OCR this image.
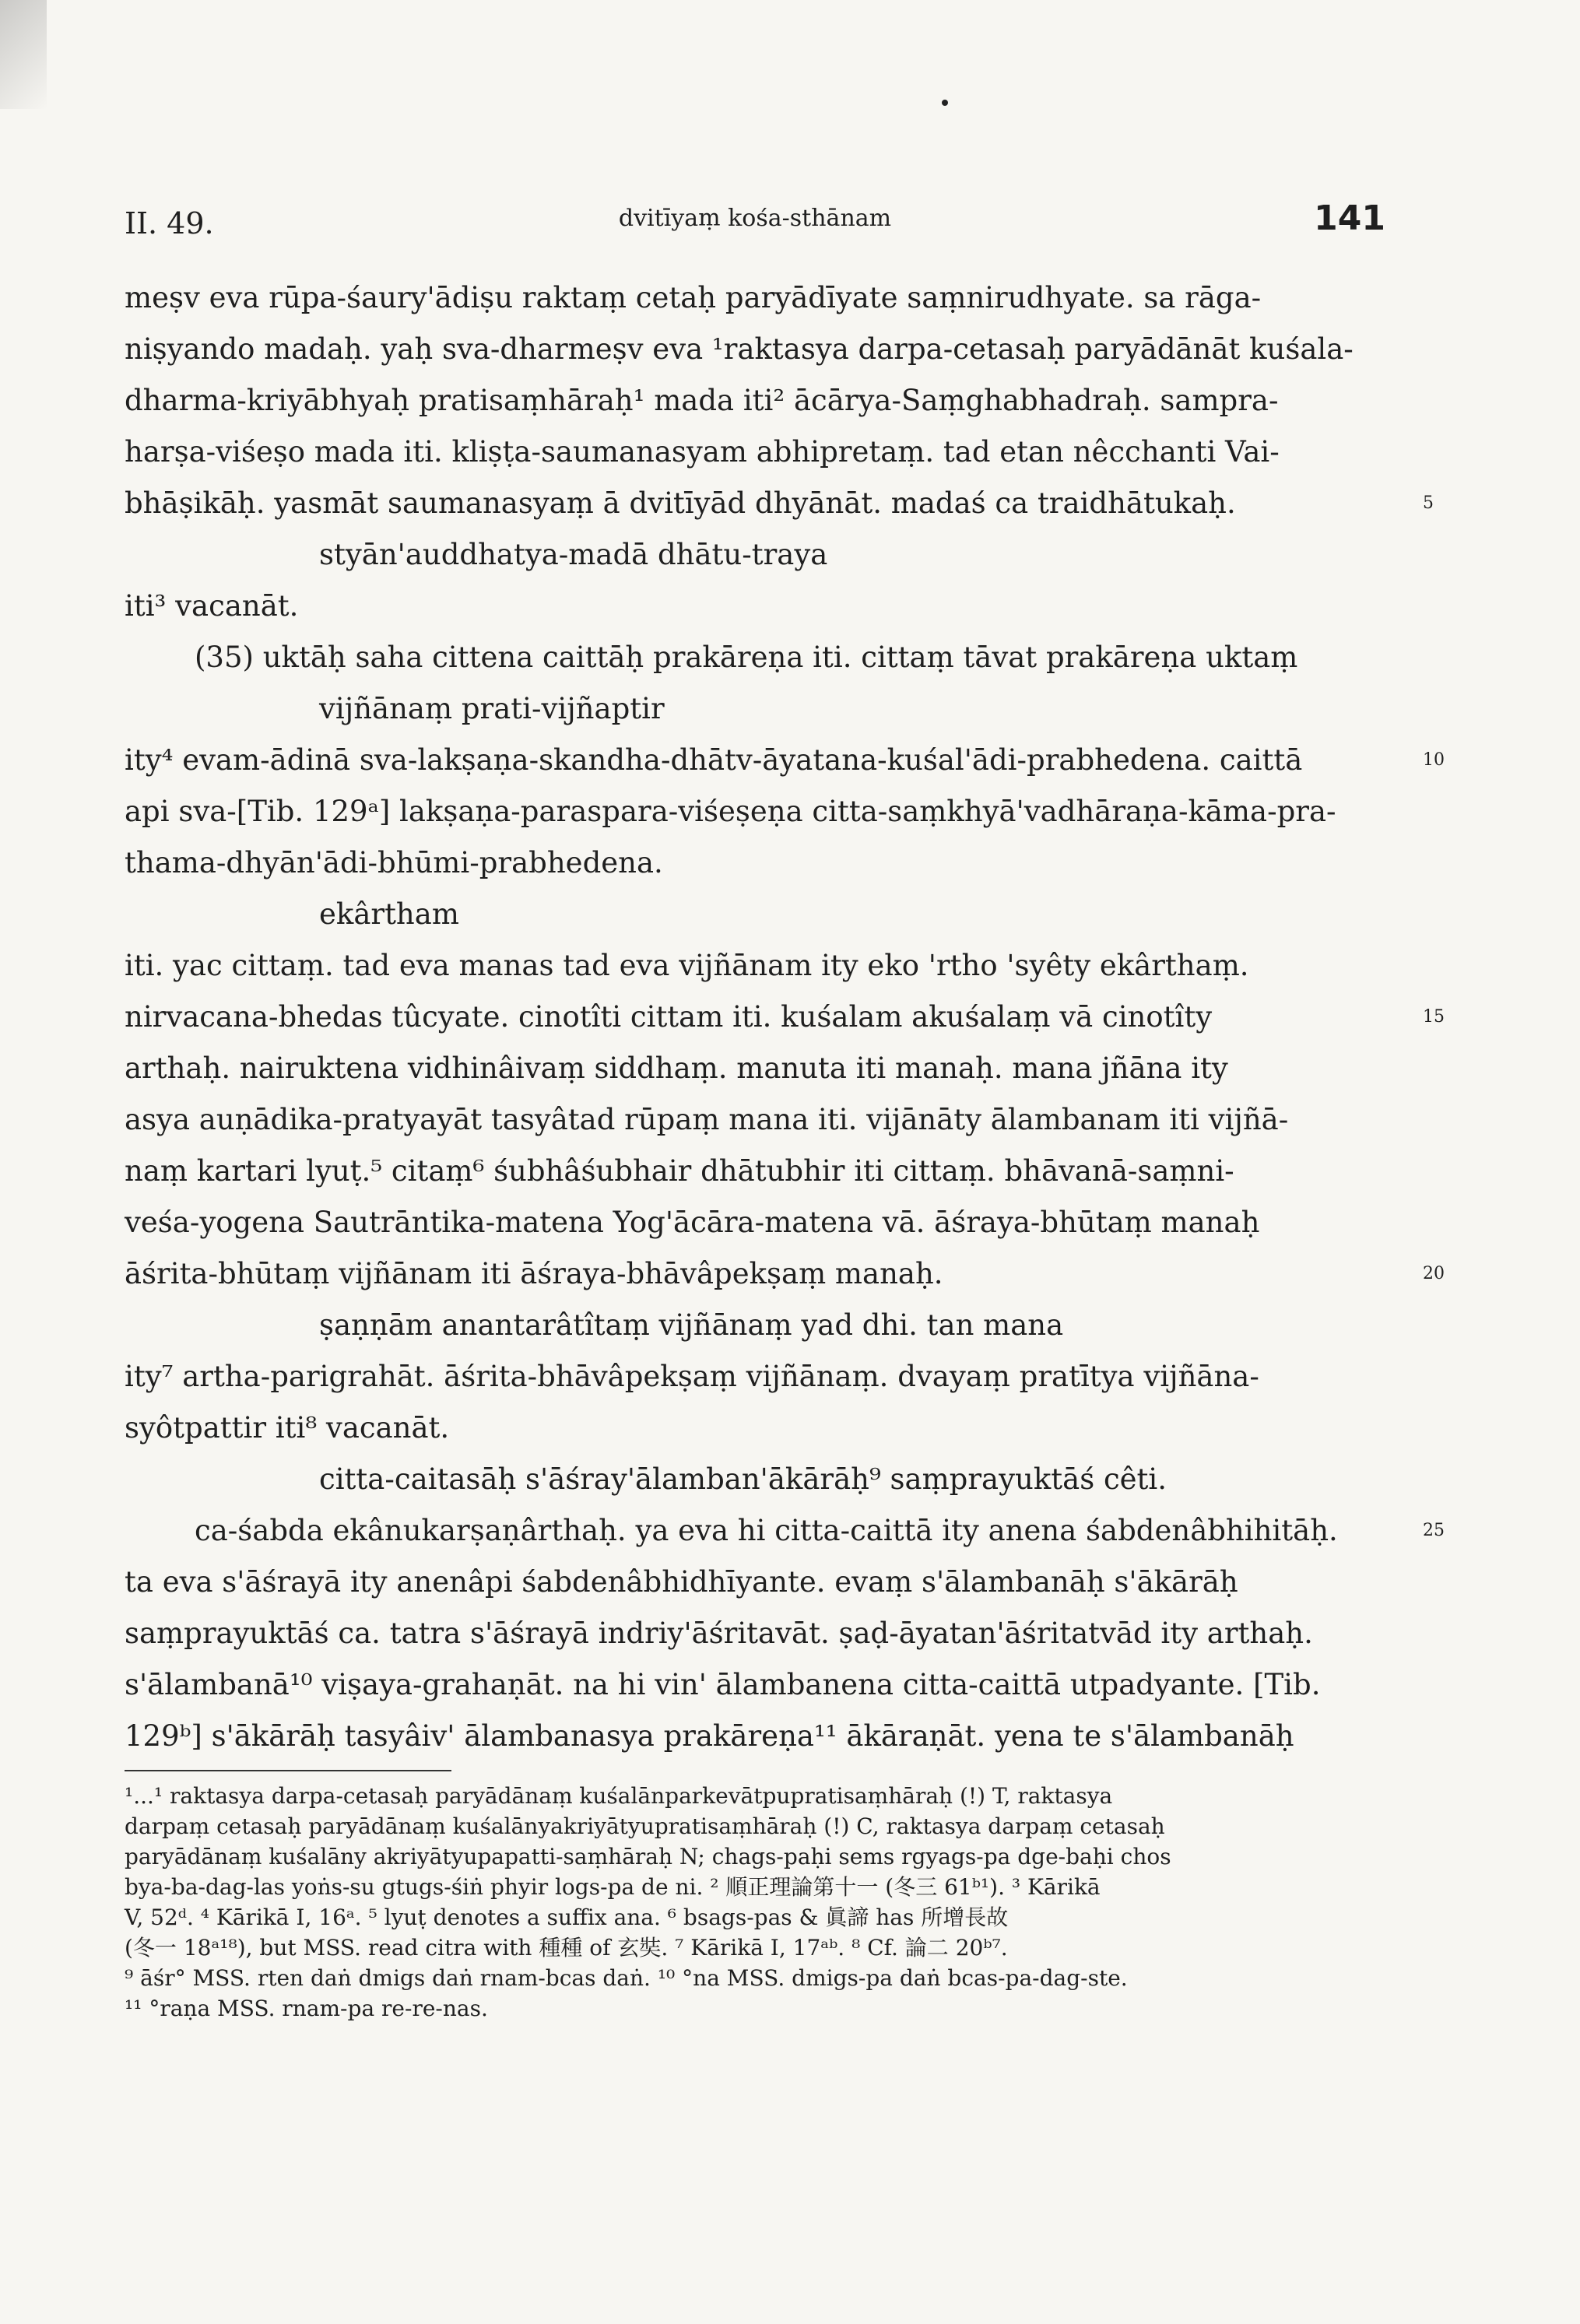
II. 49.	dvitīyaṃ kośa-sthānam	141
meṣv eva rūpa-śaury'ādiṣu raktaṃ cetaḥ paryādīyate saṃnirudhyate. sa rāga-
niṣyando madaḥ. yaḥ sva-dharmeṣv eva ¹raktasya darpa-cetasaḥ paryādānāt kuśala-
dharma-kriyābhyaḥ pratisaṃhāraḥ¹ mada iti² ācārya-Saṃghabhadraḥ. sampra-
harṣa-viśeṣo mada iti. kliṣṭa-saumanasyam abhipretaṃ. tad etan nêcchanti Vai-
bhāṣikāḥ. yasmāt saumanasyaṃ ā dvitīyād dhyānāt. madaś ca traidhātukaḥ.	5
styān'auddhatya-madā dhātu-traya
iti³ vacanāt.
(35) uktāḥ saha cittena caittāḥ prakāreṇa iti. cittaṃ tāvat prakāreṇa uktaṃ
vijñānaṃ prati-vijñaptir
ity⁴ evam-ādinā sva-lakṣaṇa-skandha-dhātv-āyatana-kuśal'ādi-prabhedena. caittā	10
api sva-[Tib. 129ᵃ] lakṣaṇa-paraspara-viśeṣeṇa citta-saṃkhyā'vadhāraṇa-kāma-pra-
thama-dhyān'ādi-bhūmi-prabhedena.
ekârtham
iti. yac cittaṃ. tad eva manas tad eva vijñānam ity eko 'rtho 'syêty ekârthaṃ.
nirvacana-bhedas tûcyate. cinotîti cittam iti. kuśalam akuśalaṃ vā cinotîty	15
arthaḥ. nairuktena vidhinâivaṃ siddhaṃ. manuta iti manaḥ. mana jñāna ity
asya auṇādika-pratyayāt tasyâtad rūpaṃ mana iti. vijānāty ālambanam iti vijñā-
naṃ kartari lyuṭ.⁵ citaṃ⁶ śubhâśubhair dhātubhir iti cittaṃ. bhāvanā-saṃni-
veśa-yogena Sautrāntika-matena Yog'ācāra-matena vā. āśraya-bhūtaṃ manaḥ
āśrita-bhūtaṃ vijñānam iti āśraya-bhāvâpekṣaṃ manaḥ.	20
ṣaṇṇām anantarâtîtaṃ vijñānaṃ yad dhi. tan mana
ity⁷ artha-parigrahāt. āśrita-bhāvâpekṣaṃ vijñānaṃ. dvayaṃ pratītya vijñāna-
syôtpattir iti⁸ vacanāt.
citta-caitasāḥ s'āśray'ālamban'ākārāḥ⁹ saṃprayuktāś cêti.
ca-śabda ekânukarṣaṇârthaḥ. ya eva hi citta-caittā ity anena śabdenâbhihitāḥ.	25
ta eva s'āśrayā ity anenâpi śabdenâbhidhīyante. evaṃ s'ālambanāḥ s'ākārāḥ
saṃprayuktāś ca. tatra s'āśrayā indriy'āśritavāt. ṣaḍ-āyatan'āśritatvād ity arthaḥ.
s'ālambanā¹⁰ viṣaya-grahaṇāt. na hi vin' ālambanena citta-caittā utpadyante. [Tib.
129ᵇ] s'ākārāḥ tasyâiv' ālambanasya prakāreṇa¹¹ ākāraṇāt. yena te s'ālambanāḥ
¹...¹ raktasya darpa-cetasaḥ paryādānaṃ kuśalānparkevātpupratisaṃhāraḥ (!) T, raktasya
darpaṃ cetasaḥ paryādānaṃ kuśalānyakriyātyupratisaṃhāraḥ (!) C, raktasya darpaṃ cetasaḥ
paryādānaṃ kuśalāny akriyātyupapatti-saṃhāraḥ N; chags-paḥi sems rgyags-pa dge-baḥi chos
bya-ba-dag-las yoṅs-su gtugs-śiṅ phyir logs-pa de ni. ² 順正理論第十一 (冬三 61ᵇ¹). ³ Kārikā
V, 52ᵈ. ⁴ Kārikā I, 16ᵃ. ⁵ lyuṭ denotes a suffix ana. ⁶ bsags-pas & 眞諦 has 所增長故
(冬一 18ᵃ¹⁸), but MSS. read citra with 種種 of 玄奘. ⁷ Kārikā I, 17ᵃᵇ. ⁸ Cf. 論二 20ᵇ⁷.
⁹ āśr° MSS. rten daṅ dmigs daṅ rnam-bcas daṅ. ¹⁰ °na MSS. dmigs-pa daṅ bcas-pa-dag-ste.
¹¹ °raṇa MSS. rnam-pa re-re-nas.
